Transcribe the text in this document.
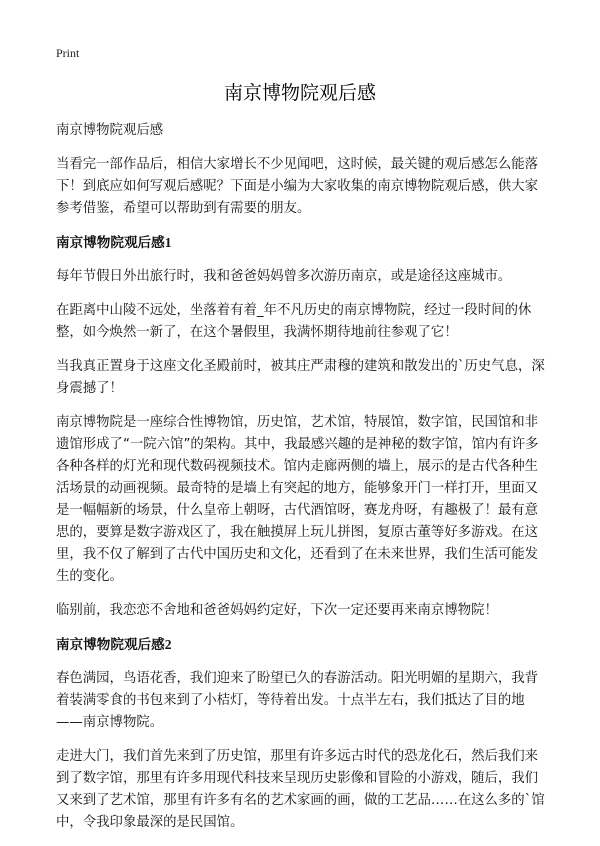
Print
南京博物院观后感

南京博物院观后感

当看完一部作品后，相信大家增长不少见闻吧，这时候，最关键的观后感怎么能落下！到底应如何写观后感呢？下面是小编为大家收集的南京博物院观后感，供大家参考借鉴，希望可以帮助到有需要的朋友。

南京博物院观后感1

每年节假日外出旅行时，我和爸爸妈妈曾多次游历南京，或是途径这座城市。

在距离中山陵不远处，坐落着有着_年不凡历史的南京博物院，经过一段时间的休整，如今焕然一新了，在这个暑假里，我满怀期待地前往参观了它！

当我真正置身于这座文化圣殿前时，被其庄严肃穆的建筑和散发出的`历史气息，深身震撼了！

南京博物院是一座综合性博物馆，历史馆，艺术馆，特展馆，数字馆，民国馆和非遗馆形成了“一院六馆”的架构。其中，我最感兴趣的是神秘的数字馆，馆内有许多各种各样的灯光和现代数码视频技术。馆内走廊两侧的墙上，展示的是古代各种生活场景的动画视频。最奇特的是墙上有突起的地方，能够象开门一样打开，里面又是一幅幅新的场景，什么皇帝上朝呀，古代酒馆呀，赛龙舟呀，有趣极了！最有意思的，要算是数字游戏区了，我在触摸屏上玩儿拼图，复原古董等好多游戏。在这里，我不仅了解到了古代中国历史和文化，还看到了在未来世界，我们生活可能发生的变化。

临别前，我恋恋不舍地和爸爸妈妈约定好，下次一定还要再来南京博物院！

南京博物院观后感2

春色满园，鸟语花香，我们迎来了盼望已久的春游活动。阳光明媚的星期六，我背着装满零食的书包来到了小桔灯，等待着出发。十点半左右，我们抵达了目的地——南京博物院。

走进大门，我们首先来到了历史馆，那里有许多远古时代的恐龙化石，然后我们来到了数字馆，那里有许多用现代科技来呈现历史影像和冒险的小游戏，随后，我们又来到了艺术馆，那里有许多有名的艺术家画的画，做的工艺品……在这么多的`馆中，令我印象最深的是民国馆。
